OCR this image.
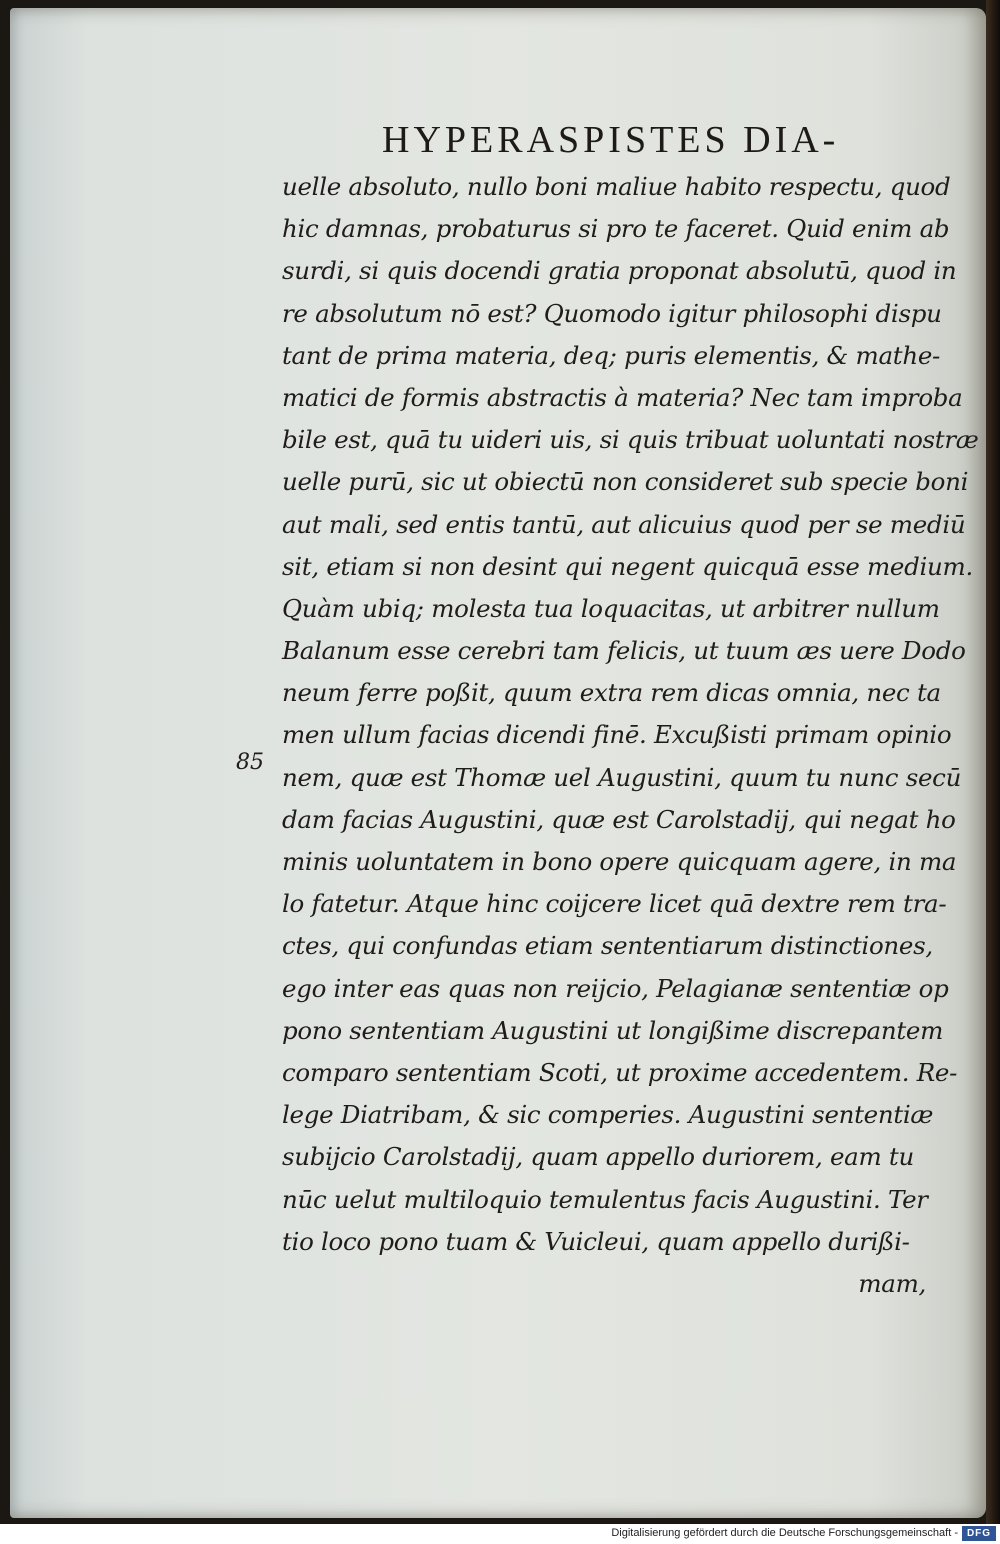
HYPERASPISTES DIA-
85
uelle absoluto, nullo boni maliue habito respectu, quod
hic damnas, probaturus si pro te faceret. Quid enim ab
surdi, si quis docendi gratia proponat absolutū, quod in
re absolutum nō est? Quomodo igitur philosophi dispu
tant de prima materia, deq; puris elementis, & mathe-
matici de formis abstractis à materia? Nec tam improba
bile est, quā tu uideri uis, si quis tribuat uoluntati nostræ
uelle purū, sic ut obiectū non consideret sub specie boni
aut mali, sed entis tantū, aut alicuius quod per se mediū
sit, etiam si non desint qui negent quicquā esse medium.
Quàm ubiq; molesta tua loquacitas, ut arbitrer nullum
Balanum esse cerebri tam felicis, ut tuum æs uere Dodo
neum ferre poßit, quum extra rem dicas omnia, nec ta
men ullum facias dicendi finē. Excußisti primam opinio
nem, quæ est Thomæ uel Augustini, quum tu nunc secū
dam facias Augustini, quæ est Carolstadij, qui negat ho
minis uoluntatem in bono opere quicquam agere, in ma
lo fatetur. Atque hinc coijcere licet quā dextre rem tra-
ctes, qui confundas etiam sententiarum distinctiones,
ego inter eas quas non reijcio, Pelagianæ sententiæ op
pono sententiam Augustini ut longißime discrepantem
comparo sententiam Scoti, ut proxime accedentem. Re-
lege Diatribam, & sic comperies. Augustini sententiæ
subijcio Carolstadij, quam appello duriorem, eam tu
nūc uelut multiloquio temulentus facis Augustini. Ter
tio loco pono tuam & Vuicleui, quam appello durißi-
mam,
Digitalisierung gefördert durch die Deutsche Forschungsgemeinschaft - DFG
